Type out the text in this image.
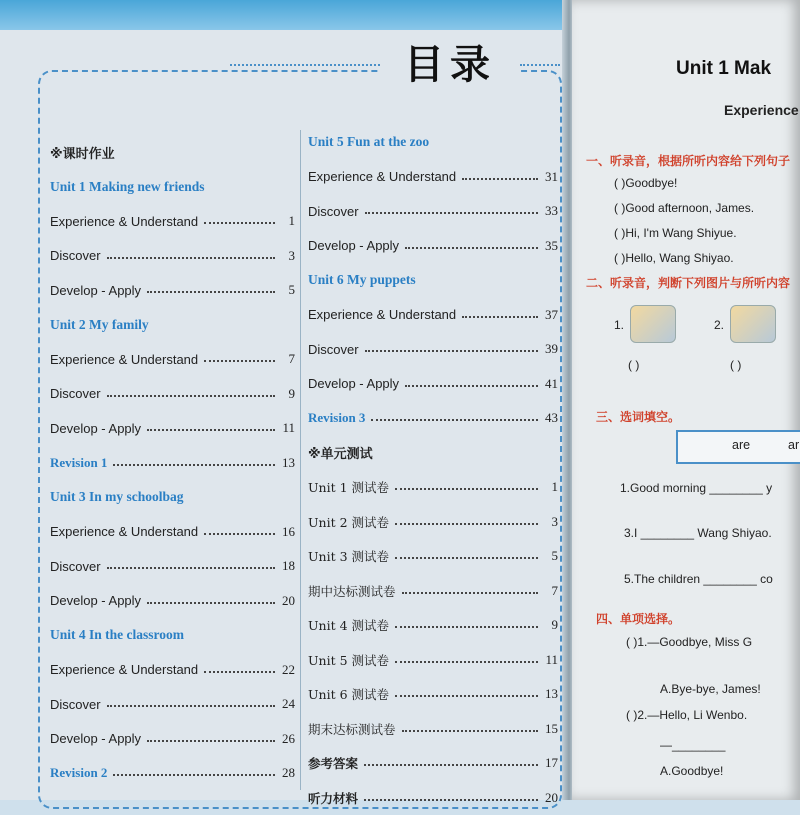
目录
※课时作业
Unit 1 Making new friends
Experience & Understand	1
Discover	3
Develop - Apply	5
Unit 2 My family
Experience & Understand	7
Discover	9
Develop - Apply	11
Revision 1	13
Unit 3 In my schoolbag
Experience & Understand	16
Discover	18
Develop - Apply	20
Unit 4 In the classroom
Experience & Understand	22
Discover	24
Develop - Apply	26
Revision 2	28
Unit 5 Fun at the zoo
Experience & Understand	31
Discover	33
Develop - Apply	35
Unit 6 My puppets
Experience & Understand	37
Discover	39
Develop - Apply	41
Revision 3	43
※单元测试
Unit 1 测试卷	1
Unit 2 测试卷	3
Unit 3 测试卷	5
期中达标测试卷	7
Unit 4 测试卷	9
Unit 5 测试卷	11
Unit 6 测试卷	13
期末达标测试卷	15
参考答案	17
听力材料	20
Unit 1 Mak
Experience
一、听录音，根据所听内容给下列句子
( )Goodbye!
( )Good afternoon, James.
( )Hi, I'm Wang Shiyue.
( )Hello, Wang Shiyao.
二、听录音，判断下列图片与所听内容
1.	2.
( )	( )
三、选词填空。
are	ar
1.Good morning ________ y
3.I ________ Wang Shiyao.
5.The children ________ co
四、单项选择。
( )1.—Goodbye, Miss G
A.Bye-bye, James!
( )2.—Hello, Li Wenbo.
—________
A.Goodbye!
